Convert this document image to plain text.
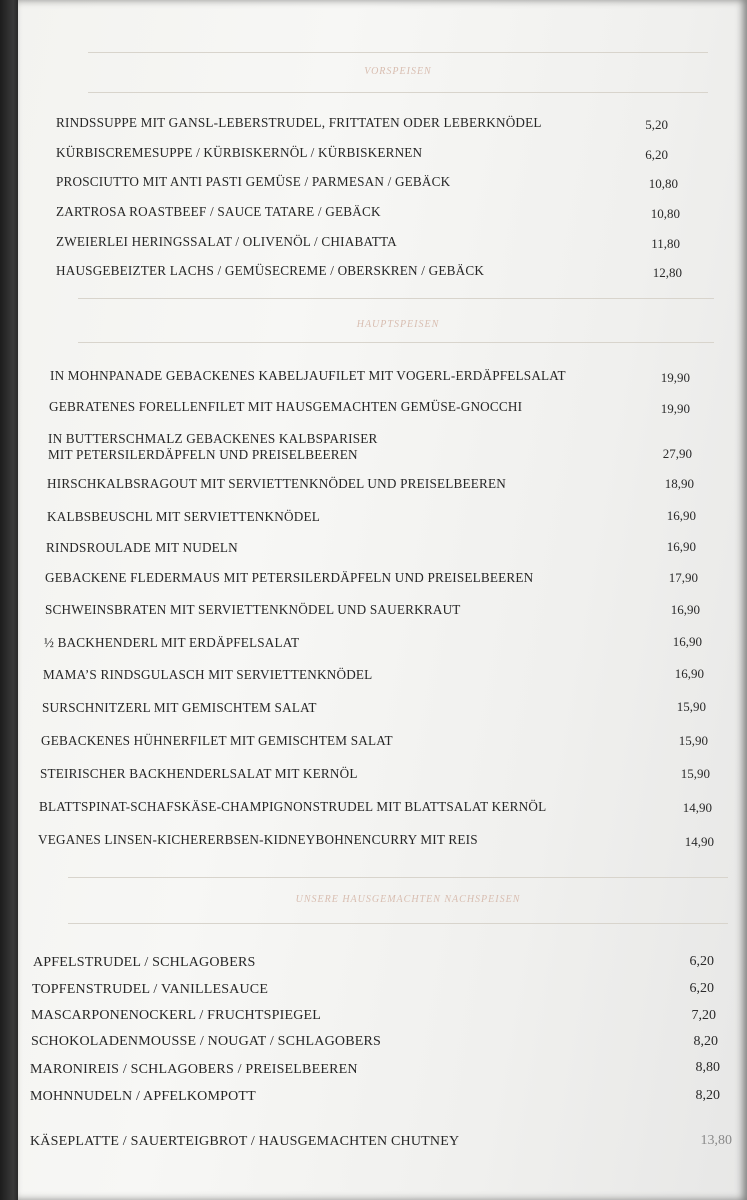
VORSPEISEN
RINDSSUPPE MIT GANSL-LEBERSTRUDEL, FRITTATEN ODER LEBERKNÖDEL	5,20
KÜRBISCREMESUPPE / KÜRBISKERNÖL / KÜRBISKERNEN	6,20
PROSCIUTTO MIT ANTI PASTI GEMÜSE / PARMESAN / GEBÄCK	10,80
ZARTROSA ROASTBEEF / SAUCE TATARE / GEBÄCK	10,80
ZWEIERLEI HERINGSSALAT / OLIVENÖL / CHIABATTA	11,80
HAUSGEBEIZTER LACHS / GEMÜSECREME / OBERSKREN / GEBÄCK	12,80
HAUPTSPEISEN
IN MOHNPANADE GEBACKENES KABELJAUFILET MIT VOGERL-ERDÄPFELSALAT	19,90
GEBRATENES FORELLENFILET MIT HAUSGEMACHTEN GEMÜSE-GNOCCHI	19,90
IN BUTTERSCHMALZ GEBACKENES KALBSPARISER
MIT PETERSILERDÄPFELN UND PREISELBEEREN	27,90
HIRSCHKALBSRAGOUT MIT SERVIETTENKNÖDEL UND PREISELBEEREN	18,90
KALBSBEUSCHL MIT SERVIETTENKNÖDEL	16,90
RINDSROULADE MIT NUDELN	16,90
GEBACKENE FLEDERMAUS MIT PETERSILERDÄPFELN UND PREISELBEEREN	17,90
SCHWEINSBRATEN MIT SERVIETTENKNÖDEL UND SAUERKRAUT	16,90
½ BACKHENDERL MIT ERDÄPFELSALAT	16,90
MAMA’S RINDSGULASCH MIT SERVIETTENKNÖDEL	16,90
SURSCHNITZERL MIT GEMISCHTEM SALAT	15,90
GEBACKENES HÜHNERFILET MIT GEMISCHTEM SALAT	15,90
STEIRISCHER BACKHENDERLSALAT MIT KERNÖL	15,90
BLATTSPINAT-SCHAFSKÄSE-CHAMPIGNONSTRUDEL MIT BLATTSALAT KERNÖL	14,90
VEGANES LINSEN-KICHERERBSEN-KIDNEYBOHNENCURRY MIT REIS	14,90
UNSERE HAUSGEMACHTEN NACHSPEISEN
APFELSTRUDEL / SCHLAGOBERS	6,20
TOPFENSTRUDEL / VANILLESAUCE	6,20
MASCARPONENOCKERL / FRUCHTSPIEGEL	7,20
SCHOKOLADENMOUSSE / NOUGAT / SCHLAGOBERS	8,20
MARONIREIS / SCHLAGOBERS / PREISELBEEREN	8,80
MOHNNUDELN / APFELKOMPOTT	8,20
KÄSEPLATTE / SAUERTEIGBROT / HAUSGEMACHTEN CHUTNEY	13,80
